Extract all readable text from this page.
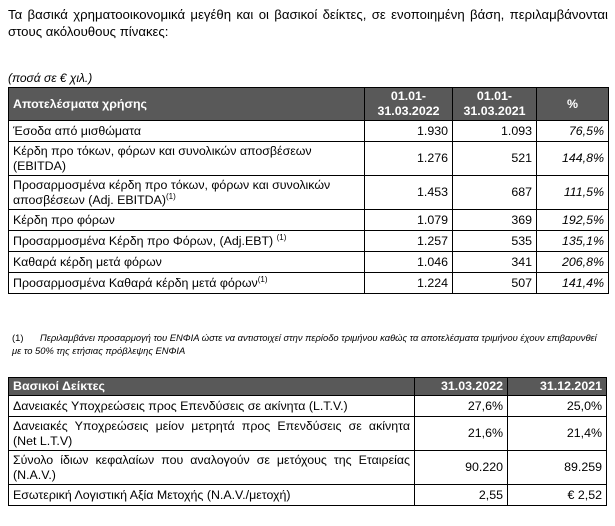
Τα βασικά χρηματοοικονομικά μεγέθη και οι βασικοί δείκτες, σε ενοποιημένη βάση, περιλαμβάνονται στους ακόλουθους πίνακες:

(ποσά σε € χιλ.)

Αποτελέσματα χρήσης	01.01-31.03.2022	01.01-31.03.2021	%
Έσοδα από μισθώματα	1.930	1.093	76,5%
Κέρδη προ τόκων, φόρων και συνολικών αποσβέσεων (EBITDA)	1.276	521	144,8%
Προσαρμοσμένα κέρδη προ τόκων, φόρων και συνολικών αποσβέσεων (Adj. EBITDA)$^{(1)}$	1.453	687	111,5%
Κέρδη προ φόρων	1.079	369	192,5%
Προσαρμοσμένα Κέρδη προ Φόρων, (Adj.EBT) $^{(1)}$	1.257	535	135,1%
Καθαρά κέρδη μετά φόρων	1.046	341	206,8%
Προσαρμοσμένα Καθαρά κέρδη μετά φόρων$^{(1)}$	1.224	507	141,4%

(1) Περιλαμβάνει προσαρμογή του ΕΝΦΙΑ ώστε να αντιστοιχεί στην περίοδο τριμήνου καθώς τα αποτελέσματα τριμήνου έχουν επιβαρυνθεί με το 50% της ετήσιας πρόβλεψης ΕΝΦΙΑ

Βασικοί Δείκτες	31.03.2022	31.12.2021
Δανειακές Υποχρεώσεις προς Επενδύσεις σε ακίνητα (L.T.V.)	27,6%	25,0%
Δανειακές Υποχρεώσεις μείον μετρητά προς Επενδύσεις σε ακίνητα (Net L.T.V)	21,6%	21,4%
Σύνολο ίδιων κεφαλαίων που αναλογούν σε μετόχους της Εταιρείας (N.A.V.)	90.220	89.259
Εσωτερική Λογιστική Αξία Μετοχής (N.A.V./μετοχή)	2,55	€ 2,52
